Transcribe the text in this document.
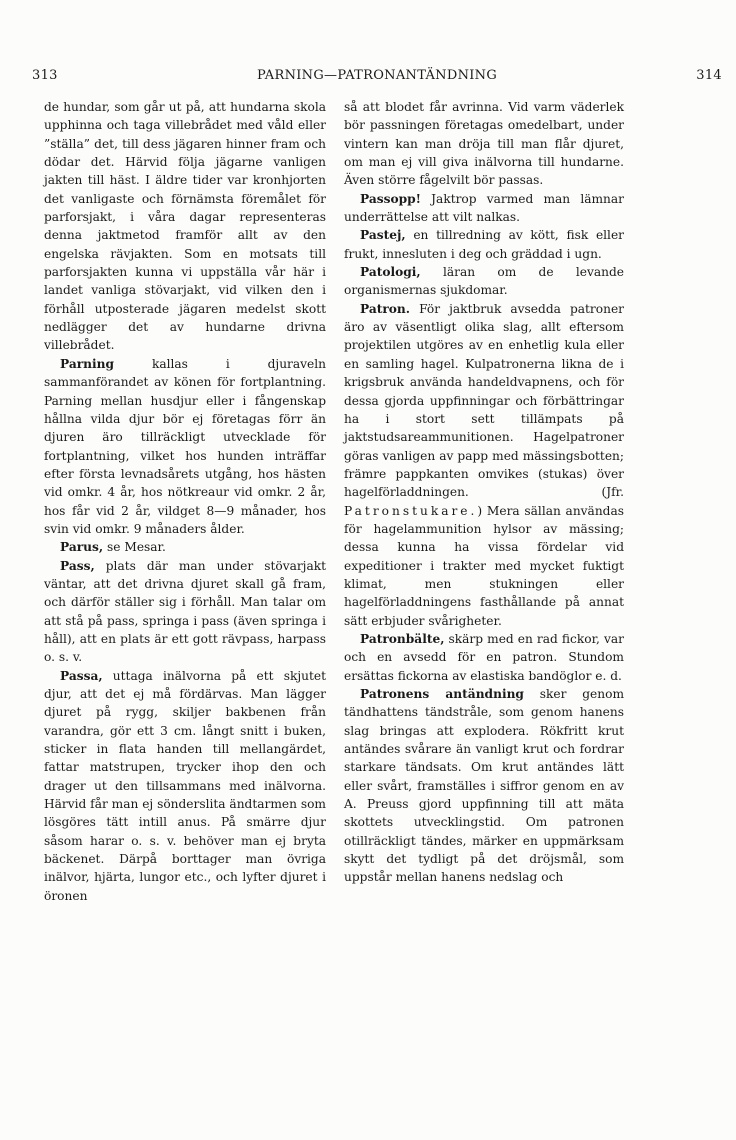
313	PARNING—PATRONANTÄNDNING	314

de hundar, som går ut på, att hundarna skola upphinna och taga villebrådet med våld eller ”ställa” det, till dess jägaren hinner fram och dödar det. Härvid följa jägarne vanligen jakten till häst. I äldre tider var kronhjorten det vanligaste och förnämsta föremålet för parforsjakt, i våra dagar representeras denna jaktmetod framför allt av den engelska rävjakten. Som en motsats till parforsjakten kunna vi uppställa vår här i landet vanliga stövarjakt, vid vilken den i förhåll utposterade jägaren medelst skott nedlägger det av hundarne drivna villebrådet.

Parning kallas i djuraveln sammanförandet av könen för fortplantning. Parning mellan husdjur eller i fångenskap hållna vilda djur bör ej företagas förr än djuren äro tillräckligt utvecklade för fortplantning, vilket hos hunden inträffar efter första levnadsårets utgång, hos hästen vid omkr. 4 år, hos nötkreaur vid omkr. 2 år, hos får vid 2 år, vildget 8—9 månader, hos svin vid omkr. 9 månaders ålder.

Parus, se Mesar.

Pass, plats där man under stövarjakt väntar, att det drivna djuret skall gå fram, och därför ställer sig i förhåll. Man talar om att stå på pass, springa i pass (även springa i håll), att en plats är ett gott rävpass, harpass o. s. v.

Passa, uttaga inälvorna på ett skjutet djur, att det ej må fördärvas. Man lägger djuret på rygg, skiljer bakbenen från varandra, gör ett 3 cm. långt snitt i buken, sticker in flata handen till mellangärdet, fattar matstrupen, trycker ihop den och drager ut den tillsammans med inälvorna. Härvid får man ej sönderslita ändtarmen som lösgöres tätt intill anus. På smärre djur såsom harar o. s. v. behöver man ej bryta bäckenet. Därpå borttager man övriga inälvor, hjärta, lungor etc., och lyfter djuret i öronen

så att blodet får avrinna. Vid varm väderlek bör passningen företagas omedelbart, under vintern kan man dröja till man flår djuret, om man ej vill giva inälvorna till hundarne. Även större fågelvilt bör passas.

Passopp! Jaktrop varmed man lämnar underrättelse att vilt nalkas.

Pastej, en tillredning av kött, fisk eller frukt, innesluten i deg och gräddad i ugn.

Patologi, läran om de levande organismernas sjukdomar.

Patron. För jaktbruk avsedda patroner äro av väsentligt olika slag, allt eftersom projektilen utgöres av en enhetlig kula eller en samling hagel. Kulpatronerna likna de i krigsbruk använda handeldvapnens, och för dessa gjorda uppfinningar och förbättringar ha i stort sett tillämpats på jaktstudsareammunitionen. Hagelpatroner göras vanligen av papp med mässingsbotten; främre pappkanten omvikes (stukas) över hagelförladdningen. (Jfr. Patronstukare.) Mera sällan användas för hagelammunition hylsor av mässing; dessa kunna ha vissa fördelar vid expeditioner i trakter med mycket fuktigt klimat, men stukningen eller hagelförladdningens fasthållande på annat sätt erbjuder svårigheter.

Patronbälte, skärp med en rad fickor, var och en avsedd för en patron. Stundom ersättas fickorna av elastiska bandöglor e. d.

Patronens antändning sker genom tändhattens tändstråle, som genom hanens slag bringas att explodera. Rökfritt krut antändes svårare än vanligt krut och fordrar starkare tändsats. Om krut antändes lätt eller svårt, framställes i siffror genom en av A. Preuss gjord uppfinning till att mäta skottets utvecklingstid. Om patronen otillräckligt tändes, märker en uppmärksam skytt det tydligt på det dröjsmål, som uppstår mellan hanens nedslag och
